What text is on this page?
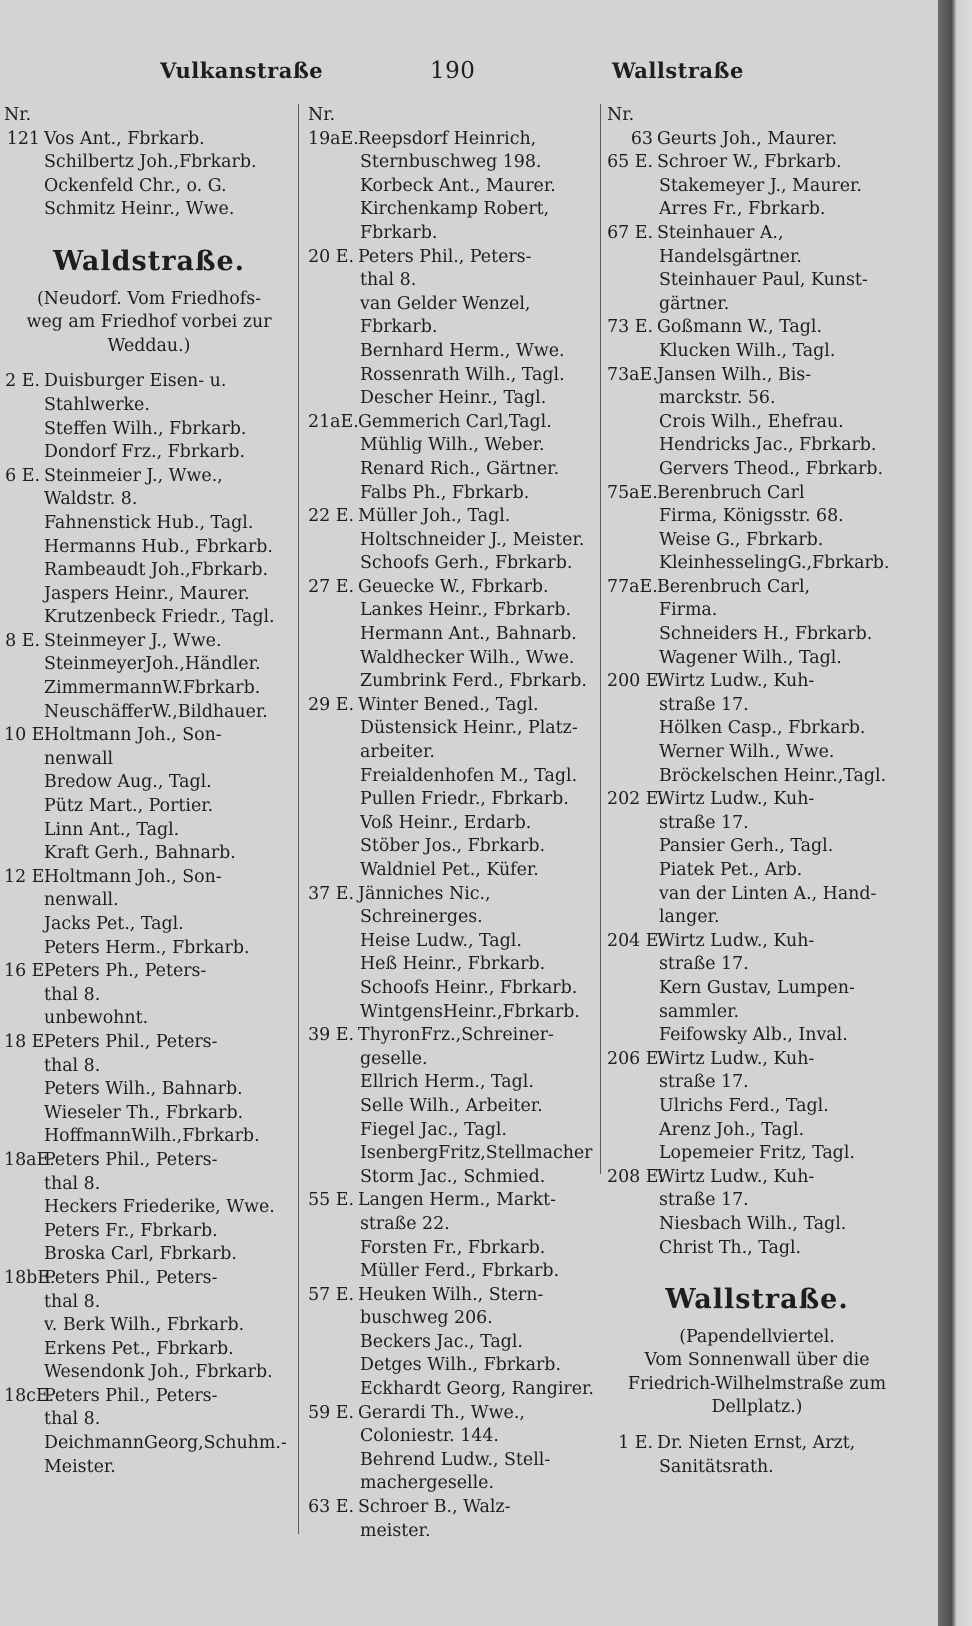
Vulkanstraße	190	Wallstraße
Nr.
121 Vos Ant., Fbrkarb.
Schilbertz Joh.,Fbrkarb.
Ockenfeld Chr., o. G.
Schmitz Heinr., Wwe.
Waldstraße.
(Neudorf. Vom Friedhofs-
weg am Friedhof vorbei zur
Weddau.)
2 E. Duisburger Eisen- u.
Stahlwerke.
Steffen Wilh., Fbrkarb.
Dondorf Frz., Fbrkarb.
6 E. Steinmeier J., Wwe.,
Waldstr. 8.
Fahnenstick Hub., Tagl.
Hermanns Hub., Fbrkarb.
Rambeaudt Joh.,Fbrkarb.
Jaspers Heinr., Maurer.
Krutzenbeck Friedr., Tagl.
8 E. Steinmeyer J., Wwe.
SteinmeyerJoh.,Händler.
ZimmermannW.Fbrkarb.
NeuschäfferW.,Bildhauer.
10 E.Holtmann Joh., Son-
nenwall
Bredow Aug., Tagl.
Pütz Mart., Portier.
Linn Ant., Tagl.
Kraft Gerh., Bahnarb.
12 E.Holtmann Joh., Son-
nenwall.
Jacks Pet., Tagl.
Peters Herm., Fbrkarb.
16 E.Peters Ph., Peters-
thal 8.
unbewohnt.
18 E.Peters Phil., Peters-
thal 8.
Peters Wilh., Bahnarb.
Wieseler Th., Fbrkarb.
HoffmannWilh.,Fbrkarb.
18aE.Peters Phil., Peters-
thal 8.
Heckers Friederike, Wwe.
Peters Fr., Fbrkarb.
Broska Carl, Fbrkarb.
18bE.Peters Phil., Peters-
thal 8.
v. Berk Wilh., Fbrkarb.
Erkens Pet., Fbrkarb.
Wesendonk Joh., Fbrkarb.
18cE.Peters Phil., Peters-
thal 8.
DeichmannGeorg,Schuhm.-
Meister.
Nr.
19aE.Reepsdorf Heinrich,
Sternbuschweg 198.
Korbeck Ant., Maurer.
Kirchenkamp Robert,
Fbrkarb.
20 E. Peters Phil., Peters-
thal 8.
van Gelder Wenzel,
Fbrkarb.
Bernhard Herm., Wwe.
Rossenrath Wilh., Tagl.
Descher Heinr., Tagl.
21aE.Gemmerich Carl,Tagl.
Mühlig Wilh., Weber.
Renard Rich., Gärtner.
Falbs Ph., Fbrkarb.
22 E. Müller Joh., Tagl.
Holtschneider J., Meister.
Schoofs Gerh., Fbrkarb.
27 E. Geuecke W., Fbrkarb.
Lankes Heinr., Fbrkarb.
Hermann Ant., Bahnarb.
Waldhecker Wilh., Wwe.
Zumbrink Ferd., Fbrkarb.
29 E. Winter Bened., Tagl.
Düstensick Heinr., Platz-
arbeiter.
Freialdenhofen M., Tagl.
Pullen Friedr., Fbrkarb.
Voß Heinr., Erdarb.
Stöber Jos., Fbrkarb.
Waldniel Pet., Küfer.
37 E. Jänniches Nic.,
Schreinerges.
Heise Ludw., Tagl.
Heß Heinr., Fbrkarb.
Schoofs Heinr., Fbrkarb.
WintgensHeinr.,Fbrkarb.
39 E. ThyronFrz.,Schreiner-
geselle.
Ellrich Herm., Tagl.
Selle Wilh., Arbeiter.
Fiegel Jac., Tagl.
IsenbergFritz,Stellmacher
Storm Jac., Schmied.
55 E. Langen Herm., Markt-
straße 22.
Forsten Fr., Fbrkarb.
Müller Ferd., Fbrkarb.
57 E. Heuken Wilh., Stern-
buschweg 206.
Beckers Jac., Tagl.
Detges Wilh., Fbrkarb.
Eckhardt Georg, Rangirer.
59 E. Gerardi Th., Wwe.,
Coloniestr. 144.
Behrend Ludw., Stell-
machergeselle.
63 E. Schroer B., Walz-
meister.
Nr.
63 Geurts Joh., Maurer.
65 E. Schroer W., Fbrkarb.
Stakemeyer J., Maurer.
Arres Fr., Fbrkarb.
67 E. Steinhauer A.,
Handelsgärtner.
Steinhauer Paul, Kunst-
gärtner.
73 E. Goßmann W., Tagl.
Klucken Wilh., Tagl.
73aE.Jansen Wilh., Bis-
marckstr. 56.
Crois Wilh., Ehefrau.
Hendricks Jac., Fbrkarb.
Gervers Theod., Fbrkarb.
75aE.Berenbruch Carl
Firma, Königsstr. 68.
Weise G., Fbrkarb.
KleinhesselingG.,Fbrkarb.
77aE.Berenbruch Carl,
Firma.
Schneiders H., Fbrkarb.
Wagener Wilh., Tagl.
200 E.Wirtz Ludw., Kuh-
straße 17.
Hölken Casp., Fbrkarb.
Werner Wilh., Wwe.
Bröckelschen Heinr.,Tagl.
202 E.Wirtz Ludw., Kuh-
straße 17.
Pansier Gerh., Tagl.
Piatek Pet., Arb.
van der Linten A., Hand-
langer.
204 E.Wirtz Ludw., Kuh-
straße 17.
Kern Gustav, Lumpen-
sammler.
Feifowsky Alb., Inval.
206 E.Wirtz Ludw., Kuh-
straße 17.
Ulrichs Ferd., Tagl.
Arenz Joh., Tagl.
Lopemeier Fritz, Tagl.
208 E.Wirtz Ludw., Kuh-
straße 17.
Niesbach Wilh., Tagl.
Christ Th., Tagl.
Wallstraße.
(Papendellviertel.
Vom Sonnenwall über die
Friedrich-Wilhelmstraße zum
Dellplatz.)
1 E. Dr. Nieten Ernst, Arzt,
Sanitätsrath.
